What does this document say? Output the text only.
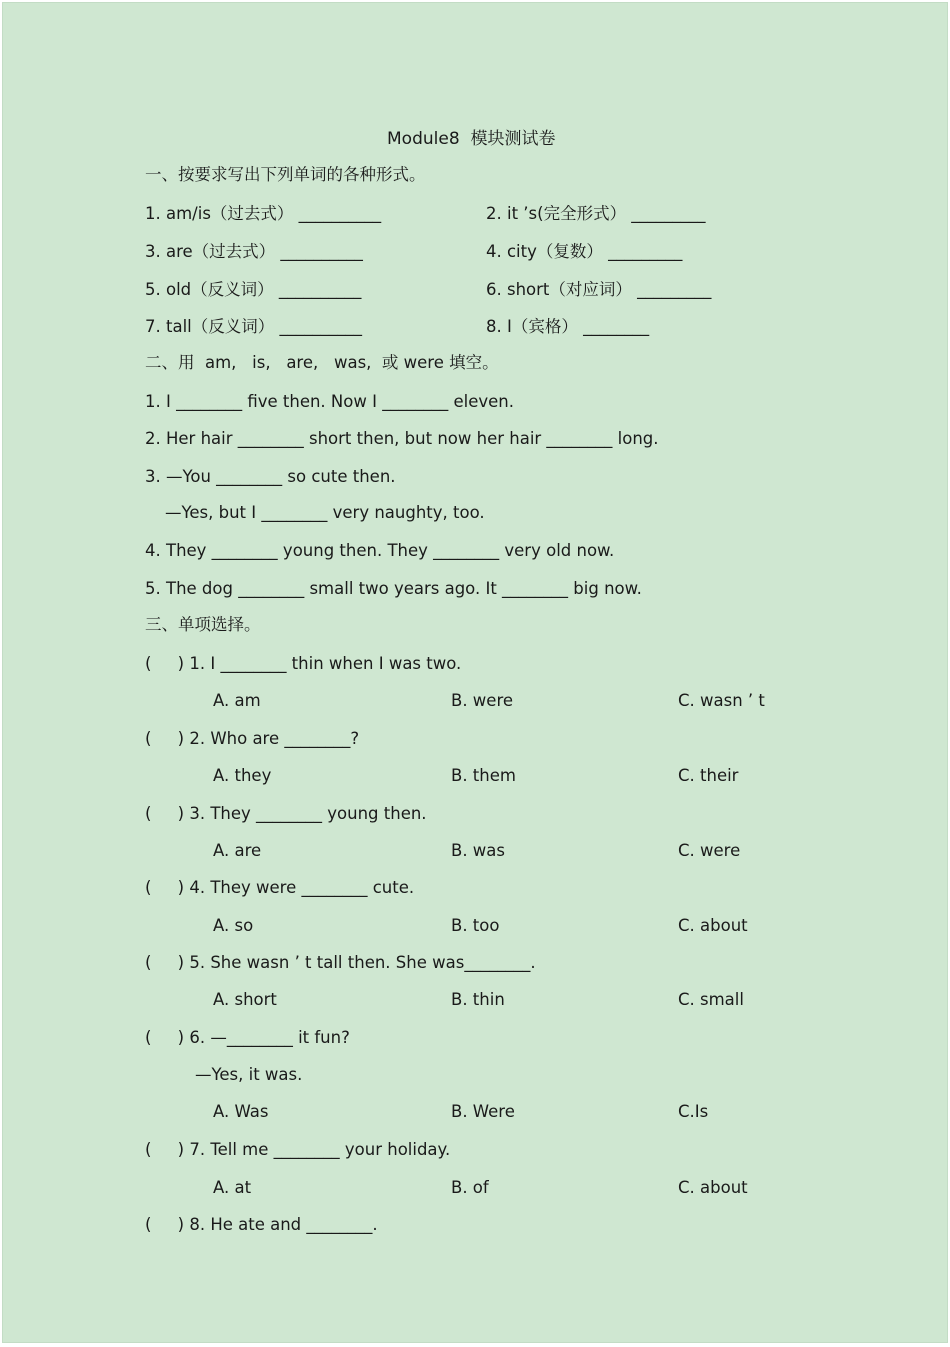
Module8  模块测试卷
一、按要求写出下列单词的各种形式。
1. am/is（过去式） __________	2. it ’s(完全形式） _________
3. are（过去式） __________	4. city（复数） _________
5. old（反义词） __________	6. short（对应词） _________
7. tall（反义词） __________	8. I（宾格） ________
二、用  am,   is,   are,   was,  或 were 填空。
1. I ________ five then. Now I ________ eleven.
2. Her hair ________ short then, but now her hair ________ long.
3. —You ________ so cute then.
—Yes, but I ________ very naughty, too.
4. They ________ young then. They ________ very old now.
5. The dog ________ small two years ago. It ________ big now.
三、单项选择。
(     ) 1. I ________ thin when I was two.
A. am	B. were	C. wasn ’ t
(     ) 2. Who are ________?
A. they	B. them	C. their
(     ) 3. They ________ young then.
A. are	B. was	C. were
(     ) 4. They were ________ cute.
A. so	B. too	C. about
(     ) 5. She wasn ’ t tall then. She was________.
A. short	B. thin	C. small
(     ) 6. —________ it fun?
—Yes, it was.
A. Was	B. Were	C.Is
(     ) 7. Tell me ________ your holiday.
A. at	B. of	C. about
(     ) 8. He ate and ________.
